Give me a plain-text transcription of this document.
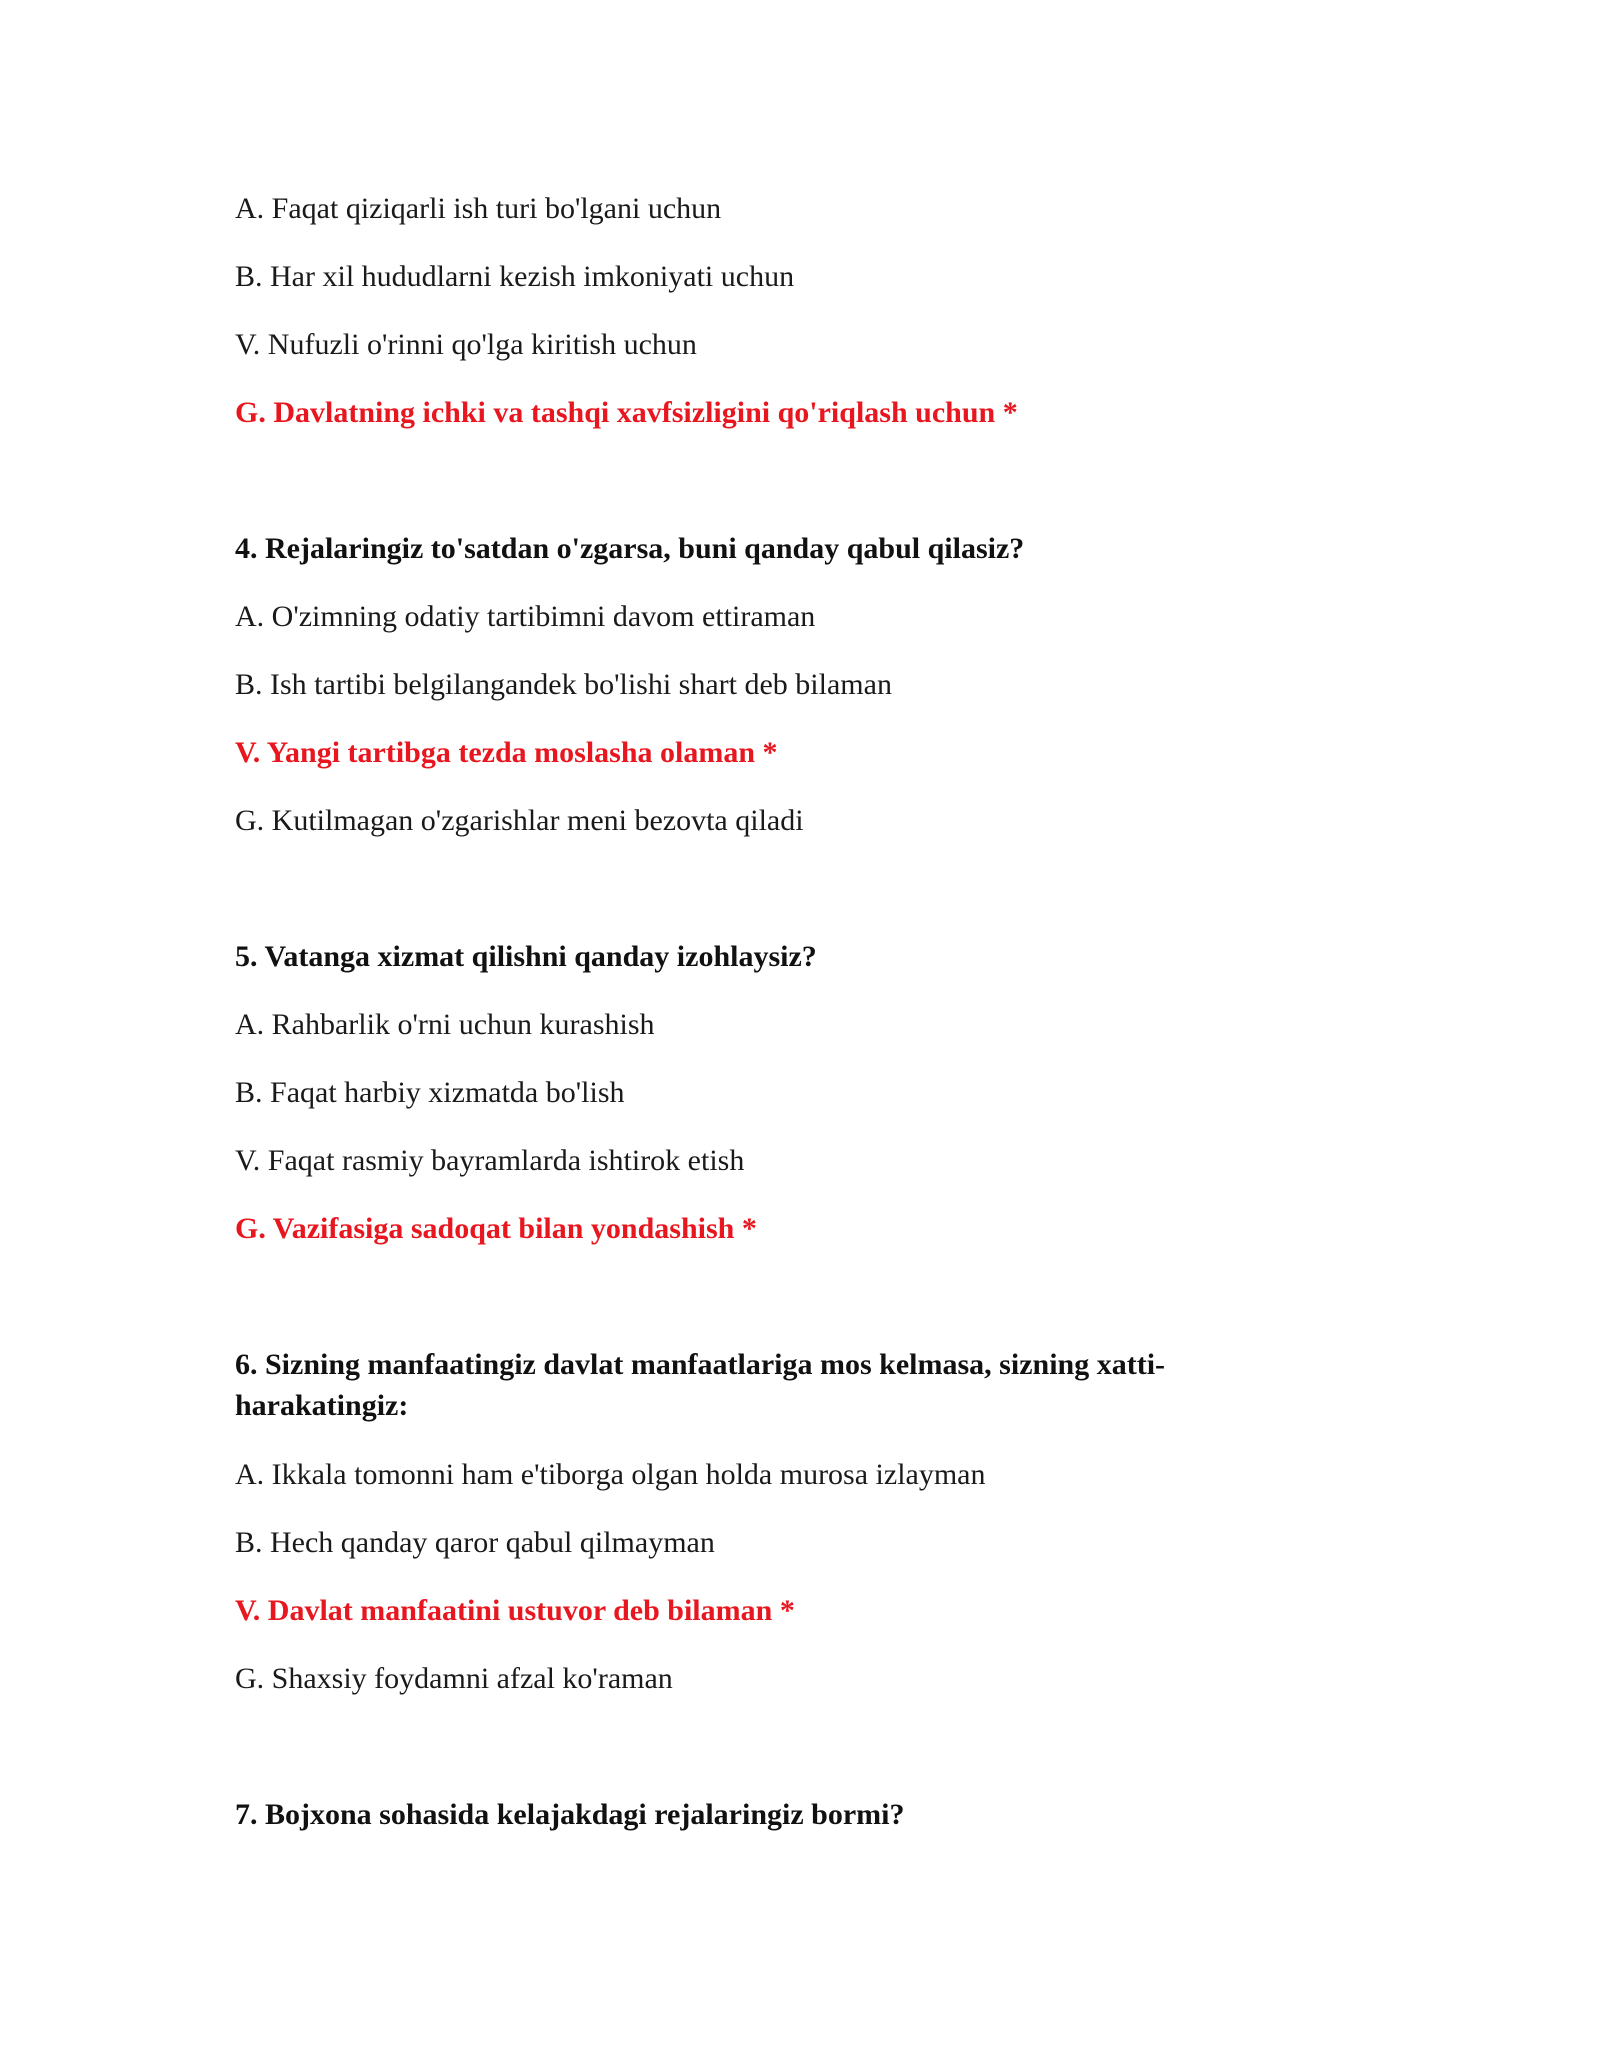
A. Faqat qiziqarli ish turi bo'lgani uchun

B. Har xil hududlarni kezish imkoniyati uchun

V. Nufuzli o'rinni qo'lga kiritish uchun

G. Davlatning ichki va tashqi xavfsizligini qo'riqlash uchun *

4. Rejalaringiz to'satdan o'zgarsa, buni qanday qabul qilasiz?

A. O'zimning odatiy tartibimni davom ettiraman

B. Ish tartibi belgilangandek bo'lishi shart deb bilaman

V. Yangi tartibga tezda moslasha olaman *

G. Kutilmagan o'zgarishlar meni bezovta qiladi

5. Vatanga xizmat qilishni qanday izohlaysiz?

A. Rahbarlik o'rni uchun kurashish

B. Faqat harbiy xizmatda bo'lish

V. Faqat rasmiy bayramlarda ishtirok etish

G. Vazifasiga sadoqat bilan yondashish *

6. Sizning manfaatingiz davlat manfaatlariga mos kelmasa, sizning xatti-

harakatingiz:

A. Ikkala tomonni ham e'tiborga olgan holda murosa izlayman

B. Hech qanday qaror qabul qilmayman

V. Davlat manfaatini ustuvor deb bilaman *

G. Shaxsiy foydamni afzal ko'raman

7. Bojxona sohasida kelajakdagi rejalaringiz bormi?
